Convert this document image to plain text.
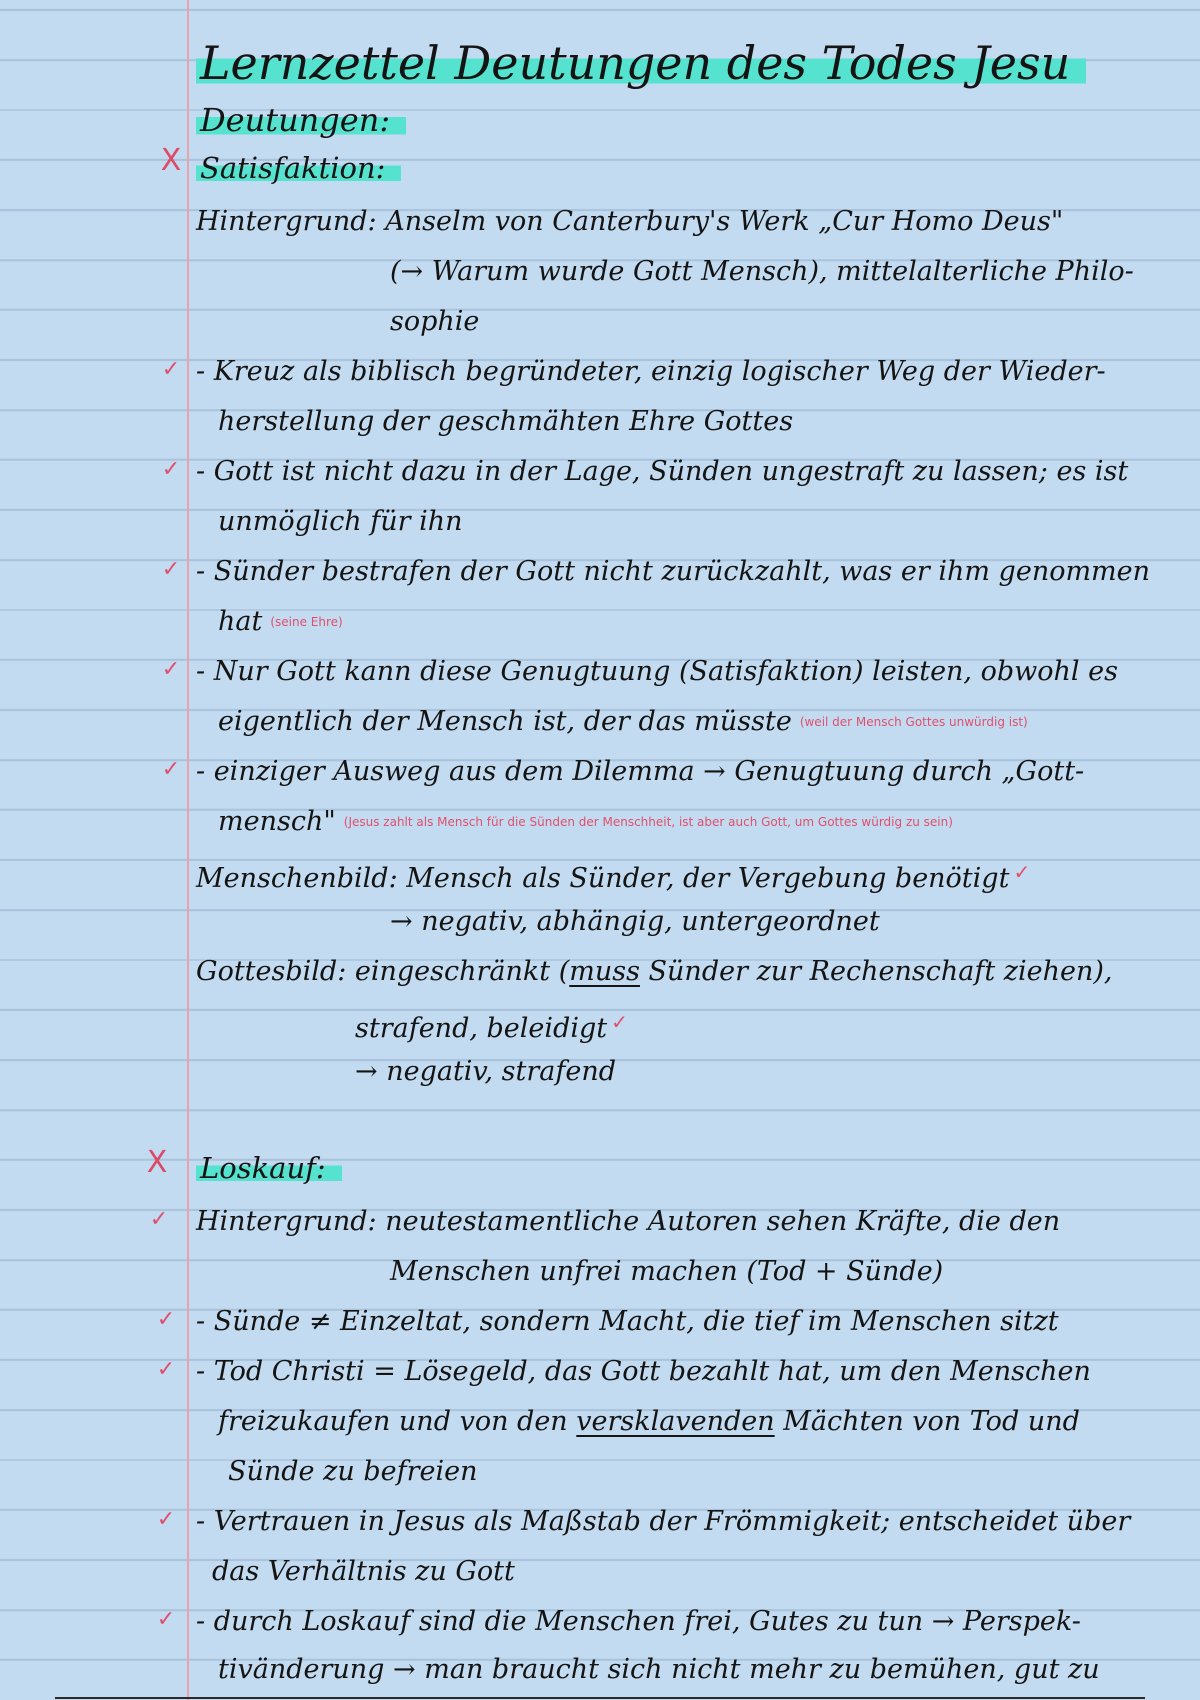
Lernzettel Deutungen des Todes Jesu
Deutungen:
X Satisfaktion:
Hintergrund: Anselm von Canterbury's Werk „Cur Homo Deus"
(→ Warum wurde Gott Mensch), mittelalterliche Philo-
sophie
✓ - Kreuz als biblisch begründeter, einzig logischer Weg der Wieder-
herstellung der geschmähten Ehre Gottes
✓ - Gott ist nicht dazu in der Lage, Sünden ungestraft zu lassen; es ist
unmöglich für ihn
✓ - Sünder bestrafen der Gott nicht zurückzahlt, was er ihm genommen
hat (seine Ehre)
✓ - Nur Gott kann diese Genugtuung (Satisfaktion) leisten, obwohl es
eigentlich der Mensch ist, der das müsste (weil der Mensch Gottes unwürdig ist)
✓ - einziger Ausweg aus dem Dilemma → Genugtuung durch „Gott-
mensch" (Jesus zahlt als Mensch für die Sünden der Menschheit, ist aber auch Gott, um Gottes würdig zu sein)
Menschenbild: Mensch als Sünder, der Vergebung benötigt ✓
→ negativ, abhängig, untergeordnet
Gottesbild: eingeschränkt (muss Sünder zur Rechenschaft ziehen),
strafend, beleidigt ✓
→ negativ, strafend
X Loskauf:
✓ Hintergrund: neutestamentliche Autoren sehen Kräfte, die den
Menschen unfrei machen (Tod + Sünde)
✓ - Sünde ≠ Einzeltat, sondern Macht, die tief im Menschen sitzt
✓ - Tod Christi = Lösegeld, das Gott bezahlt hat, um den Menschen
freizukaufen und von den versklavenden Mächten von Tod und
Sünde zu befreien
✓ - Vertrauen in Jesus als Maßstab der Frömmigkeit; entscheidet über
das Verhältnis zu Gott
✓ - durch Loskauf sind die Menschen frei, Gutes zu tun → Perspek-
tivänderung → man braucht sich nicht mehr zu bemühen, gut zu
